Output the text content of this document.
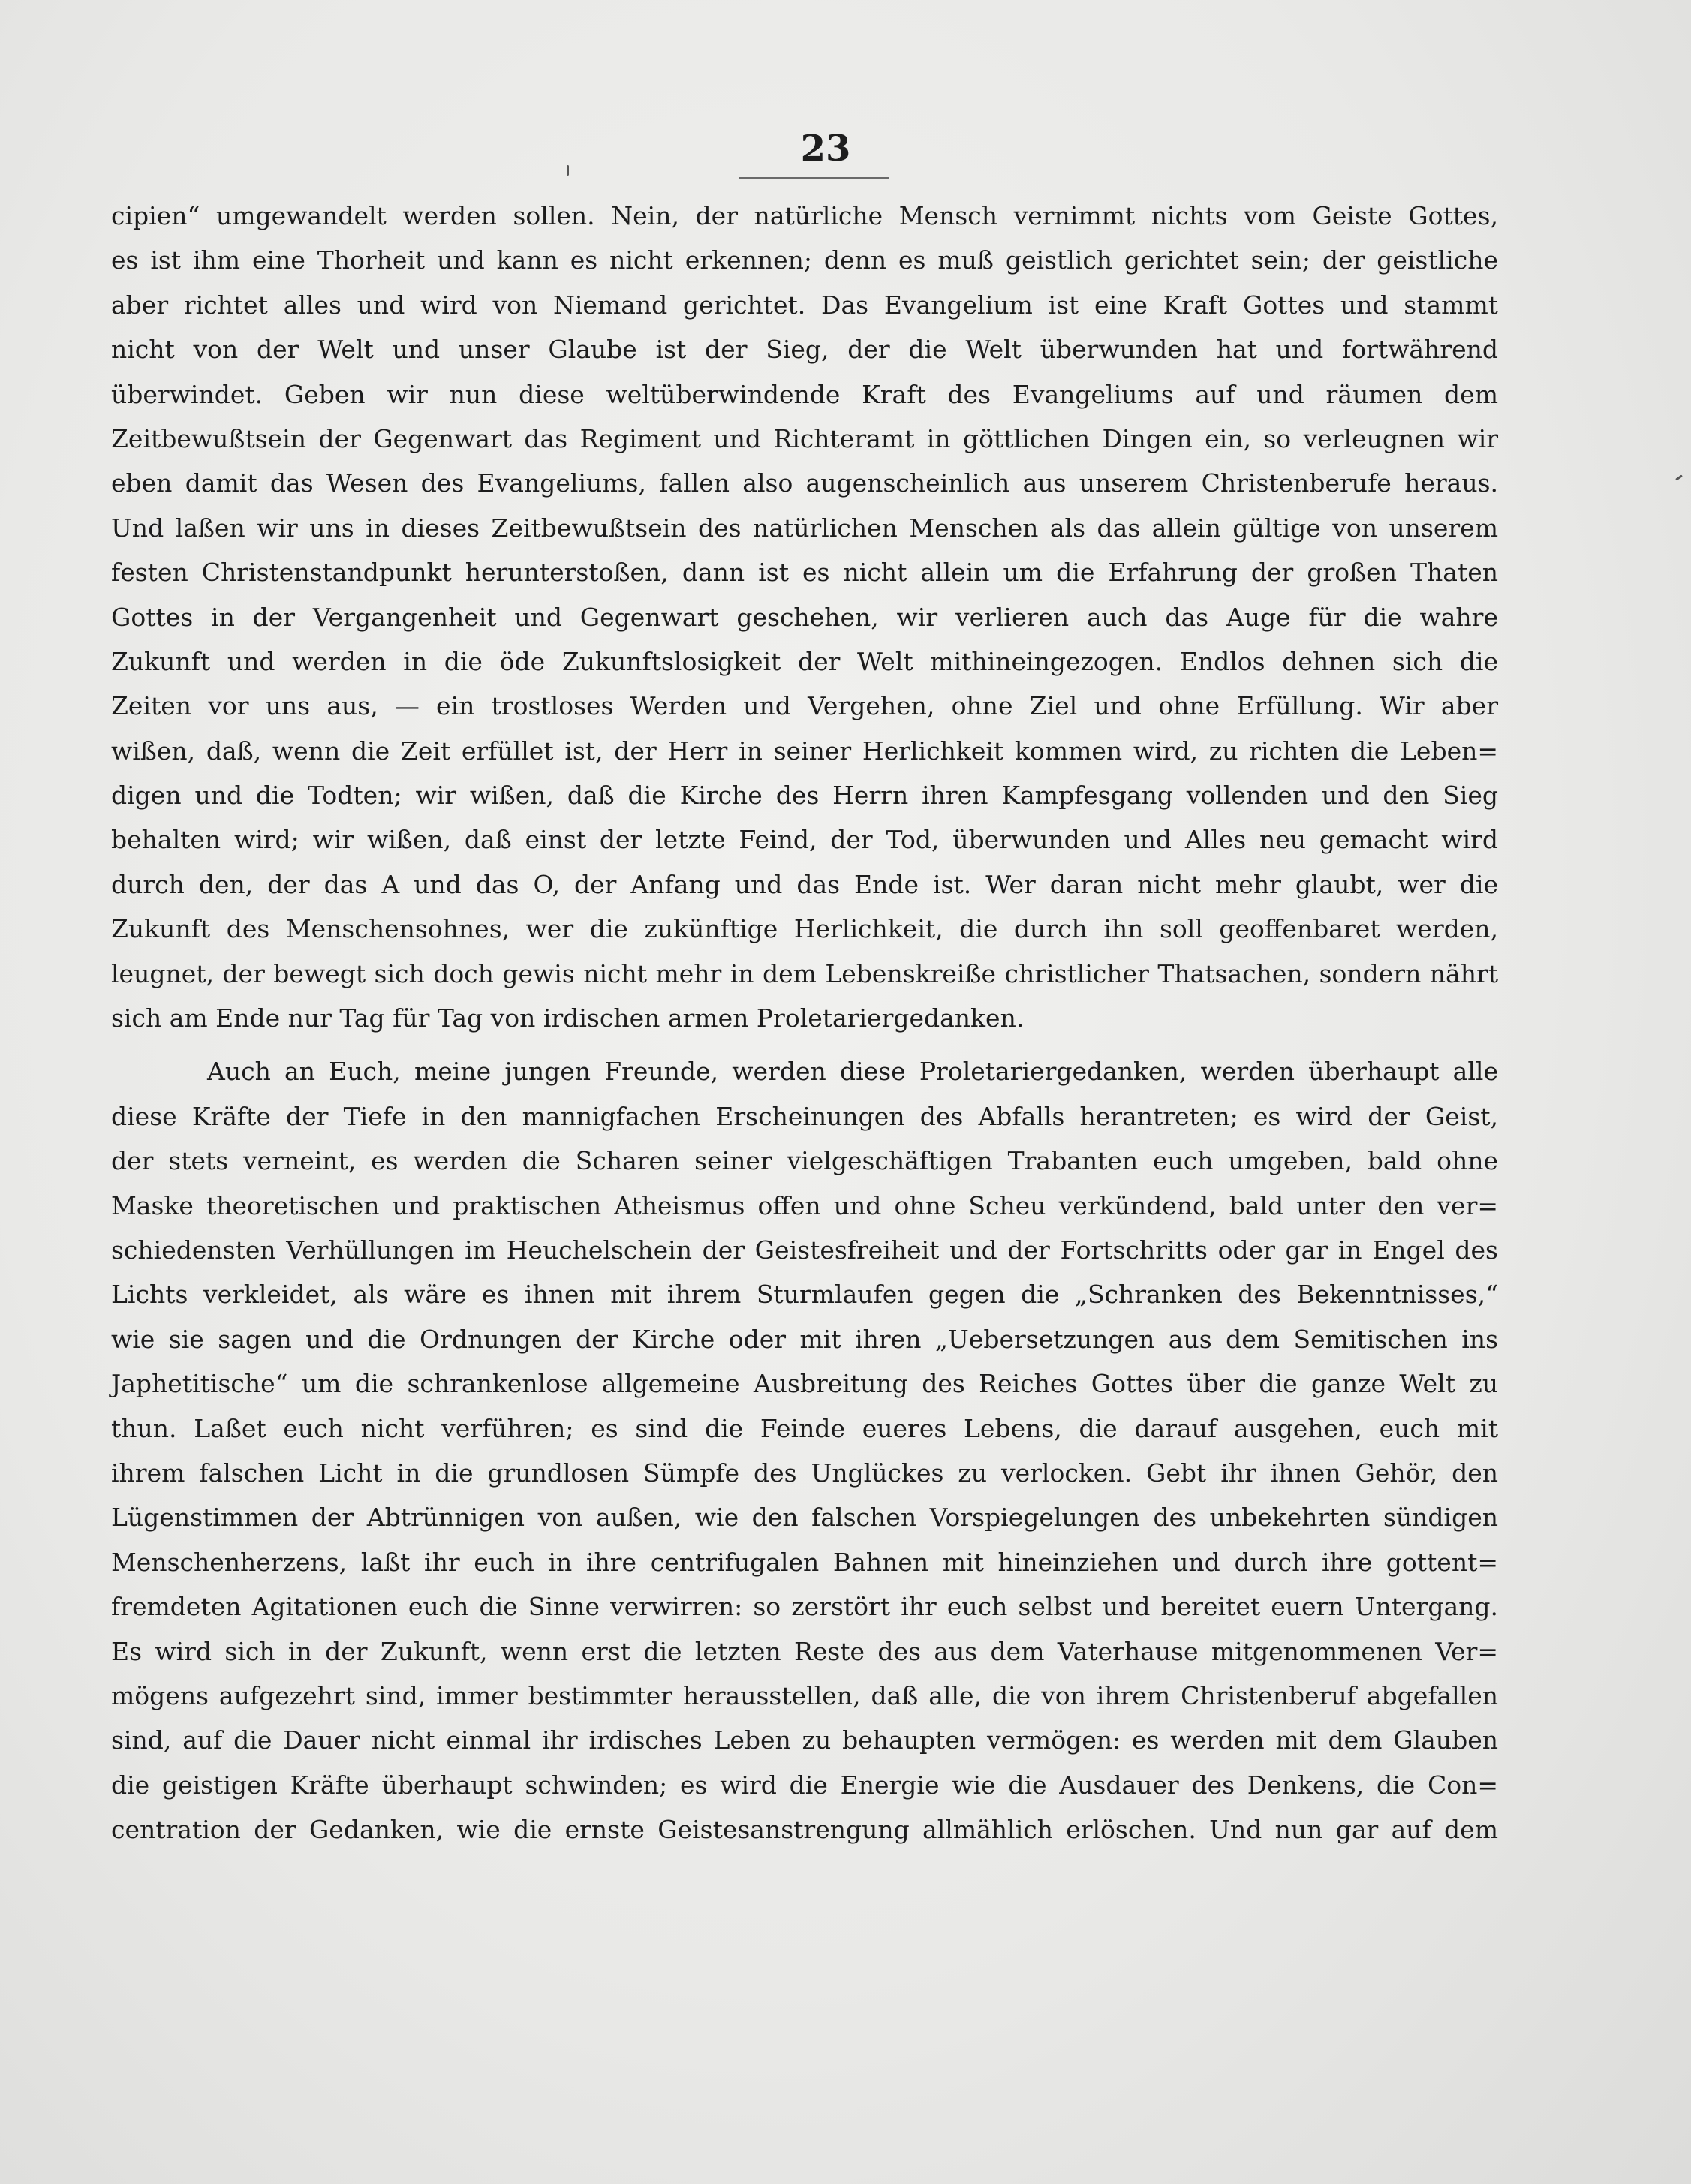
23
cipien“ umgewandelt werden sollen. Nein, der natürliche Mensch vernimmt nichts vom Geiste Gottes,
es ist ihm eine Thorheit und kann es nicht erkennen; denn es muß geistlich gerichtet sein; der geistliche
aber richtet alles und wird von Niemand gerichtet. Das Evangelium ist eine Kraft Gottes und stammt
nicht von der Welt und unser Glaube ist der Sieg, der die Welt überwunden hat und fortwährend
überwindet. Geben wir nun diese weltüberwindende Kraft des Evangeliums auf und räumen dem
Zeitbewußtsein der Gegenwart das Regiment und Richteramt in göttlichen Dingen ein, so verleugnen wir
eben damit das Wesen des Evangeliums, fallen also augenscheinlich aus unserem Christenberufe heraus.
Und laßen wir uns in dieses Zeitbewußtsein des natürlichen Menschen als das allein gültige von unserem
festen Christenstandpunkt herunterstoßen, dann ist es nicht allein um die Erfahrung der großen Thaten
Gottes in der Vergangenheit und Gegenwart geschehen, wir verlieren auch das Auge für die wahre
Zukunft und werden in die öde Zukunftslosigkeit der Welt mithineingezogen. Endlos dehnen sich die
Zeiten vor uns aus, — ein trostloses Werden und Vergehen, ohne Ziel und ohne Erfüllung. Wir aber
wißen, daß, wenn die Zeit erfüllet ist, der Herr in seiner Herlichkeit kommen wird, zu richten die Leben=
digen und die Todten; wir wißen, daß die Kirche des Herrn ihren Kampfesgang vollenden und den Sieg
behalten wird; wir wißen, daß einst der letzte Feind, der Tod, überwunden und Alles neu gemacht wird
durch den, der das A und das O, der Anfang und das Ende ist. Wer daran nicht mehr glaubt, wer die
Zukunft des Menschensohnes, wer die zukünftige Herlichkeit, die durch ihn soll geoffenbaret werden,
leugnet, der bewegt sich doch gewis nicht mehr in dem Lebenskreiße christlicher Thatsachen, sondern nährt
sich am Ende nur Tag für Tag von irdischen armen Proletariergedanken.
Auch an Euch, meine jungen Freunde, werden diese Proletariergedanken, werden überhaupt alle
diese Kräfte der Tiefe in den mannigfachen Erscheinungen des Abfalls herantreten; es wird der Geist,
der stets verneint, es werden die Scharen seiner vielgeschäftigen Trabanten euch umgeben, bald ohne
Maske theoretischen und praktischen Atheismus offen und ohne Scheu verkündend, bald unter den ver=
schiedensten Verhüllungen im Heuchelschein der Geistesfreiheit und der Fortschritts oder gar in Engel des
Lichts verkleidet, als wäre es ihnen mit ihrem Sturmlaufen gegen die „Schranken des Bekenntnisses,“
wie sie sagen und die Ordnungen der Kirche oder mit ihren „Uebersetzungen aus dem Semitischen ins
Japhetitische“ um die schrankenlose allgemeine Ausbreitung des Reiches Gottes über die ganze Welt zu
thun. Laßet euch nicht verführen; es sind die Feinde eueres Lebens, die darauf ausgehen, euch mit
ihrem falschen Licht in die grundlosen Sümpfe des Unglückes zu verlocken. Gebt ihr ihnen Gehör, den
Lügenstimmen der Abtrünnigen von außen, wie den falschen Vorspiegelungen des unbekehrten sündigen
Menschenherzens, laßt ihr euch in ihre centrifugalen Bahnen mit hineinziehen und durch ihre gottent=
fremdeten Agitationen euch die Sinne verwirren: so zerstört ihr euch selbst und bereitet euern Untergang.
Es wird sich in der Zukunft, wenn erst die letzten Reste des aus dem Vaterhause mitgenommenen Ver=
mögens aufgezehrt sind, immer bestimmter herausstellen, daß alle, die von ihrem Christenberuf abgefallen
sind, auf die Dauer nicht einmal ihr irdisches Leben zu behaupten vermögen: es werden mit dem Glauben
die geistigen Kräfte überhaupt schwinden; es wird die Energie wie die Ausdauer des Denkens, die Con=
centration der Gedanken, wie die ernste Geistesanstrengung allmählich erlöschen. Und nun gar auf dem
